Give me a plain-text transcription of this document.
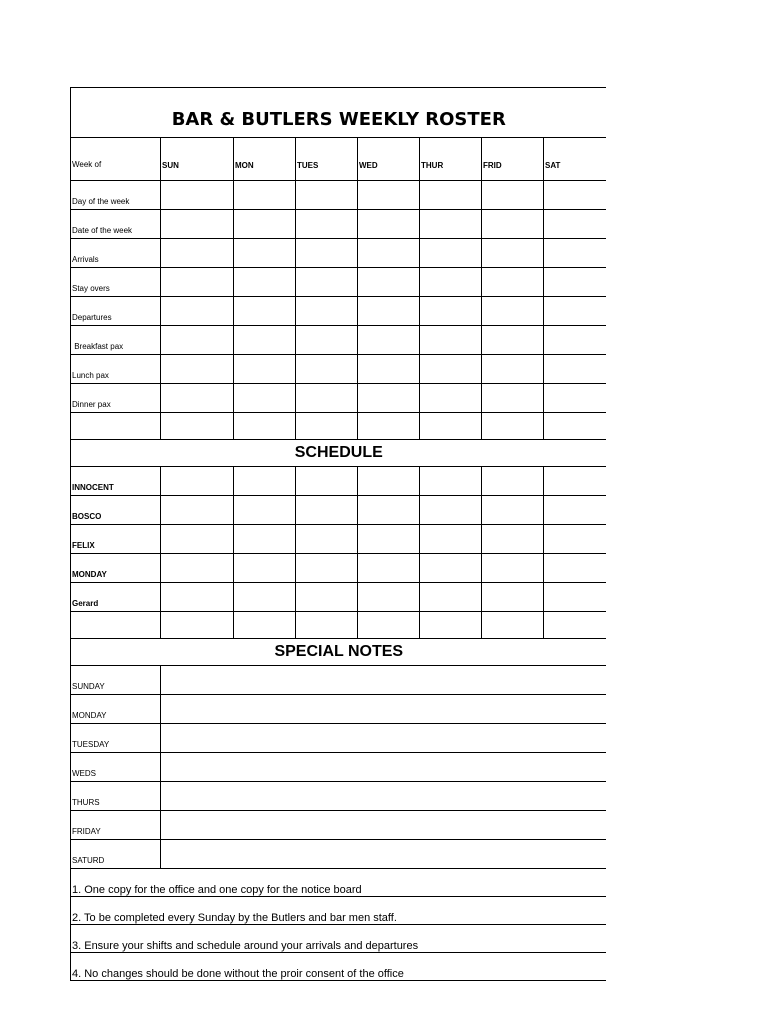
BAR & BUTLERS WEEKLY ROSTER							
Week of	SUN	MON	TUES	WED	THUR	FRID	SAT
Day of the week							
Date of the week							
Arrivals							
Stay overs							
Departures							
Breakfast pax							
Lunch pax							
Dinner pax							

SCHEDULE							
INNOCENT							
BOSCO							
FELIX							
MONDAY							
Gerard							

SPECIAL NOTES							
SUNDAY							
MONDAY							
TUESDAY							
WEDS							
THURS							
FRIDAY							
SATURD							
1. One copy for the office and one copy for the notice board							
2. To be completed every Sunday by the Butlers and bar men staff.							
3. Ensure your shifts and schedule around your arrivals and departures							
4. No changes should be done without the proir consent of the office							
